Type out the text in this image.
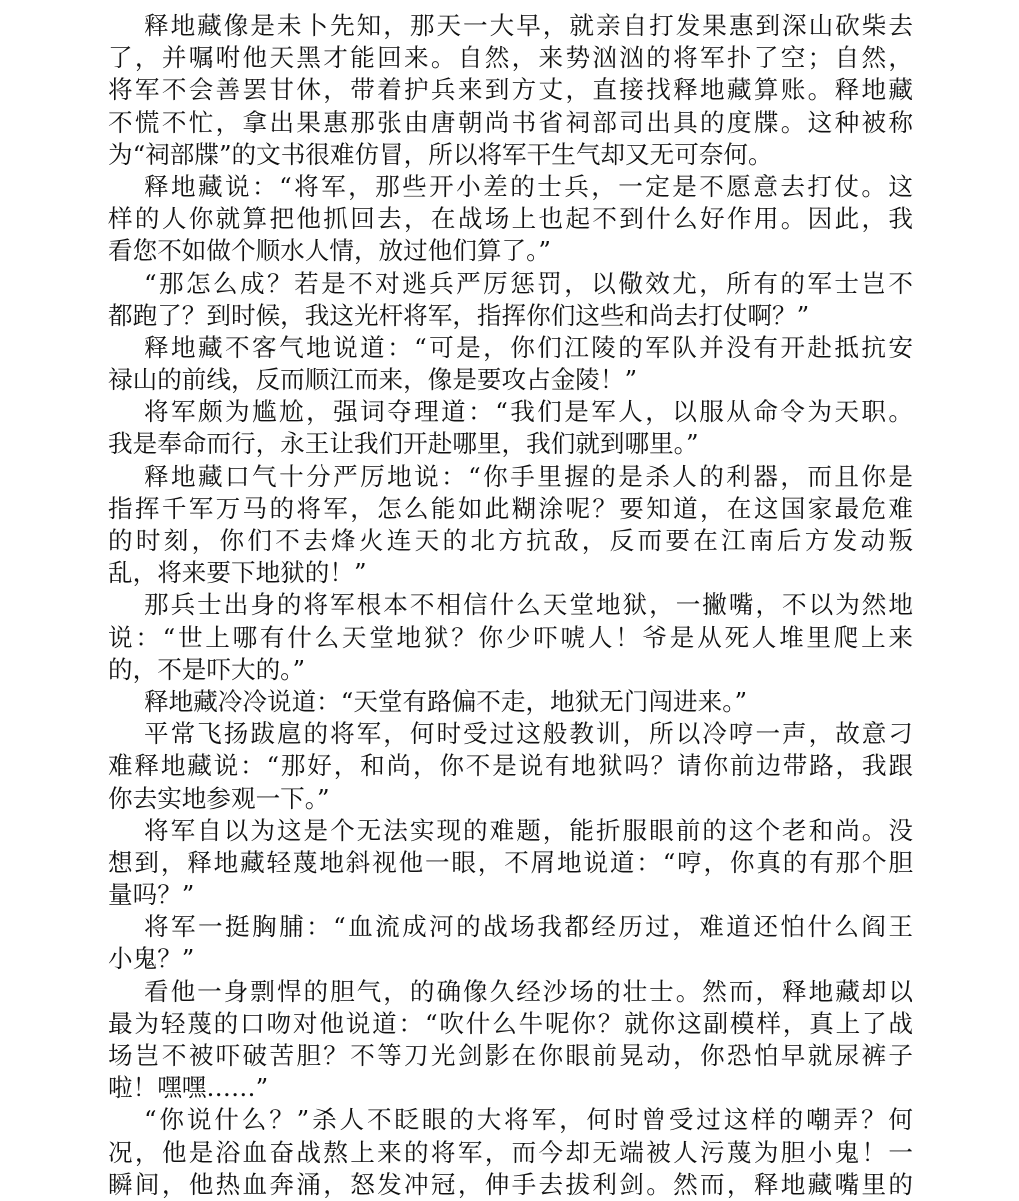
释地藏像是未卜先知，那天一大早，就亲自打发果惠到深山砍柴去
了，并嘱咐他天黑才能回来。自然，来势汹汹的将军扑了空；自然，
将军不会善罢甘休，带着护兵来到方丈，直接找释地藏算账。释地藏
不慌不忙，拿出果惠那张由唐朝尚书省祠部司出具的度牒。这种被称
为“祠部牒”的文书很难仿冒，所以将军干生气却又无可奈何。
释地藏说：“将军，那些开小差的士兵，一定是不愿意去打仗。这
样的人你就算把他抓回去，在战场上也起不到什么好作用。因此，我
看您不如做个顺水人情，放过他们算了。”
“那怎么成？若是不对逃兵严厉惩罚，以儆效尤，所有的军士岂不
都跑了？到时候，我这光杆将军，指挥你们这些和尚去打仗啊？”
释地藏不客气地说道：“可是，你们江陵的军队并没有开赴抵抗安
禄山的前线，反而顺江而来，像是要攻占金陵！”
将军颇为尴尬，强词夺理道：“我们是军人，以服从命令为天职。
我是奉命而行，永王让我们开赴哪里，我们就到哪里。”
释地藏口气十分严厉地说：“你手里握的是杀人的利器，而且你是
指挥千军万马的将军，怎么能如此糊涂呢？要知道，在这国家最危难
的时刻，你们不去烽火连天的北方抗敌，反而要在江南后方发动叛
乱，将来要下地狱的！”
那兵士出身的将军根本不相信什么天堂地狱，一撇嘴，不以为然地
说：“世上哪有什么天堂地狱？你少吓唬人！爷是从死人堆里爬上来
的，不是吓大的。”
释地藏冷冷说道：“天堂有路偏不走，地狱无门闯进来。”
平常飞扬跋扈的将军，何时受过这般教训，所以冷哼一声，故意刁
难释地藏说：“那好，和尚，你不是说有地狱吗？请你前边带路，我跟
你去实地参观一下。”
将军自以为这是个无法实现的难题，能折服眼前的这个老和尚。没
想到，释地藏轻蔑地斜视他一眼，不屑地说道：“哼，你真的有那个胆
量吗？”
将军一挺胸脯：“血流成河的战场我都经历过，难道还怕什么阎王
小鬼？”
看他一身剽悍的胆气，的确像久经沙场的壮士。然而，释地藏却以
最为轻蔑的口吻对他说道：“吹什么牛呢你？就你这副模样，真上了战
场岂不被吓破苦胆？不等刀光剑影在你眼前晃动，你恐怕早就尿裤子
啦！嘿嘿……”
“你说什么？”杀人不眨眼的大将军，何时曾受过这样的嘲弄？何
况，他是浴血奋战熬上来的将军，而今却无端被人污蔑为胆小鬼！一
瞬间，他热血奔涌，怒发冲冠，伸手去拔利剑。然而，释地藏嘴里的
